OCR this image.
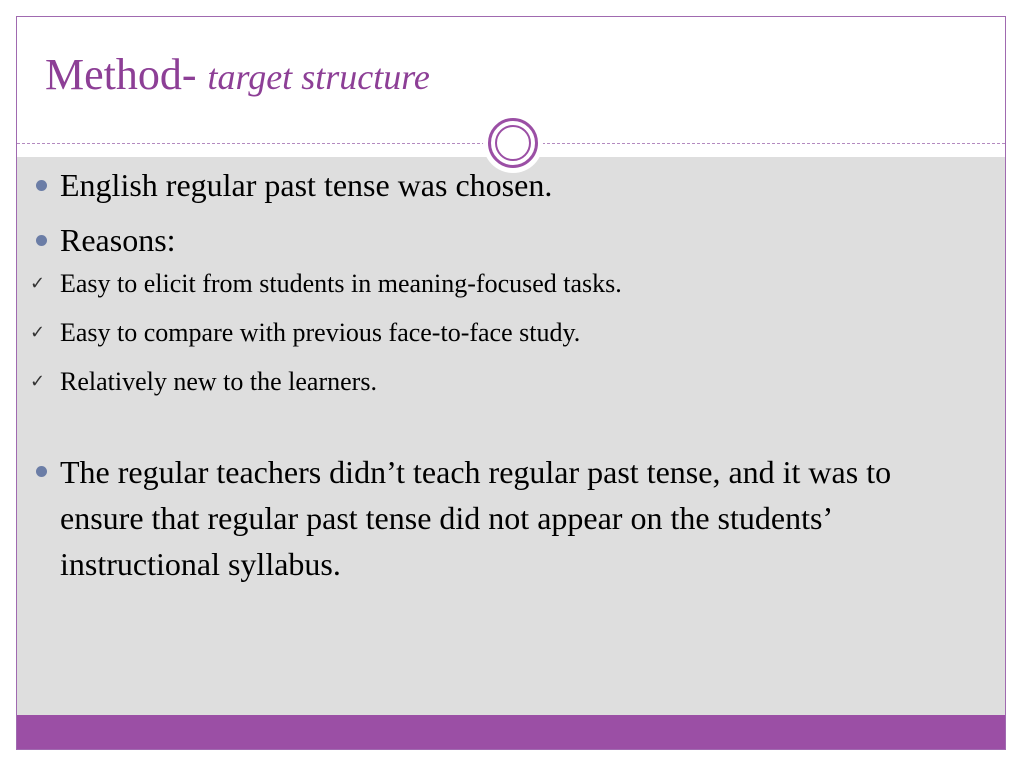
Method- target structure
English regular past tense was chosen.
Reasons:
✓ Easy to elicit from students in meaning-focused tasks.
✓ Easy to compare with previous face-to-face study.
✓ Relatively new to the learners.
The regular teachers didn’t teach regular past tense, and it was to ensure that regular past tense did not appear on the students’ instructional syllabus.
